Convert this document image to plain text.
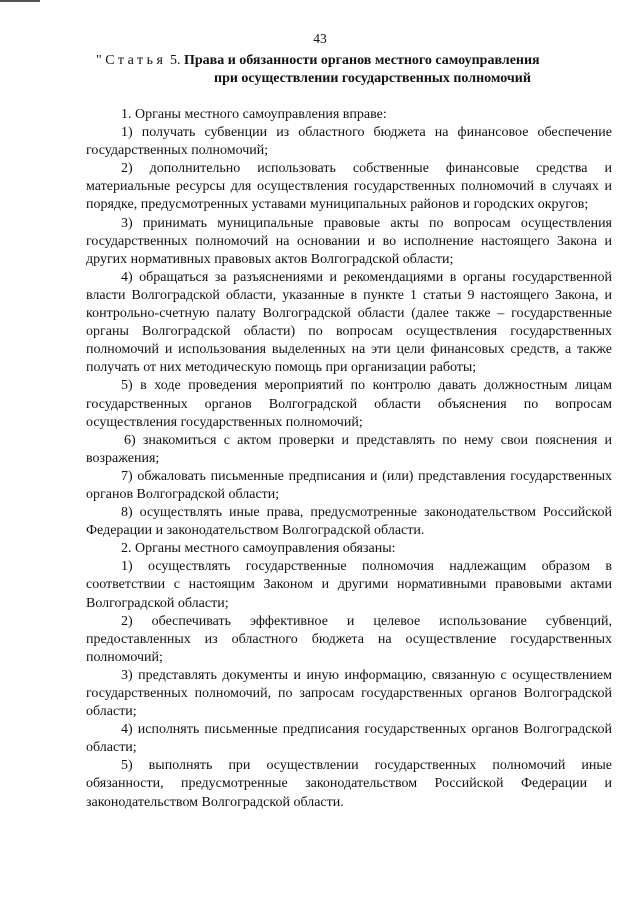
43
"Статья 5. Права и обязанности органов местного самоуправления
при осуществлении государственных полномочий

1. Органы местного самоуправления вправе:

1) получать субвенции из областного бюджета на финансовое обеспечение государственных полномочий;

2) дополнительно использовать собственные финансовые средства и материальные ресурсы для осуществления государственных полномочий в случаях и порядке, предусмотренных уставами муниципальных районов и городских округов;

3) принимать муниципальные правовые акты по вопросам осуществления государственных полномочий на основании и во исполнение настоящего Закона и других нормативных правовых актов Волгоградской области;

4) обращаться за разъяснениями и рекомендациями в органы государственной власти Волгоградской области, указанные в пункте 1 статьи 9 настоящего Закона, и контрольно-счетную палату Волгоградской области (далее также – государственные органы Волгоградской области) по вопросам осуществления государственных полномочий и использования выделенных на эти цели финансовых средств, а также получать от них методическую помощь при организации работы;

5) в ходе проведения мероприятий по контролю давать должностным лицам государственных органов Волгоградской области объяснения по вопросам осуществления государственных полномочий;

6) знакомиться с актом проверки и представлять по нему свои пояснения и возражения;

7) обжаловать письменные предписания и (или) представления государственных органов Волгоградской области;

8) осуществлять иные права, предусмотренные законодательством Российской Федерации и законодательством Волгоградской области.

2. Органы местного самоуправления обязаны:

1) осуществлять государственные полномочия надлежащим образом в соответствии с настоящим Законом и другими нормативными правовыми актами Волгоградской области;

2) обеспечивать эффективное и целевое использование субвенций, предоставленных из областного бюджета на осуществление государственных полномочий;

3) представлять документы и иную информацию, связанную с осуществлением государственных полномочий, по запросам государственных органов Волгоградской области;

4) исполнять письменные предписания государственных органов Волгоградской области;

5) выполнять при осуществлении государственных полномочий иные обязанности, предусмотренные законодательством Российской Федерации и законодательством Волгоградской области.
